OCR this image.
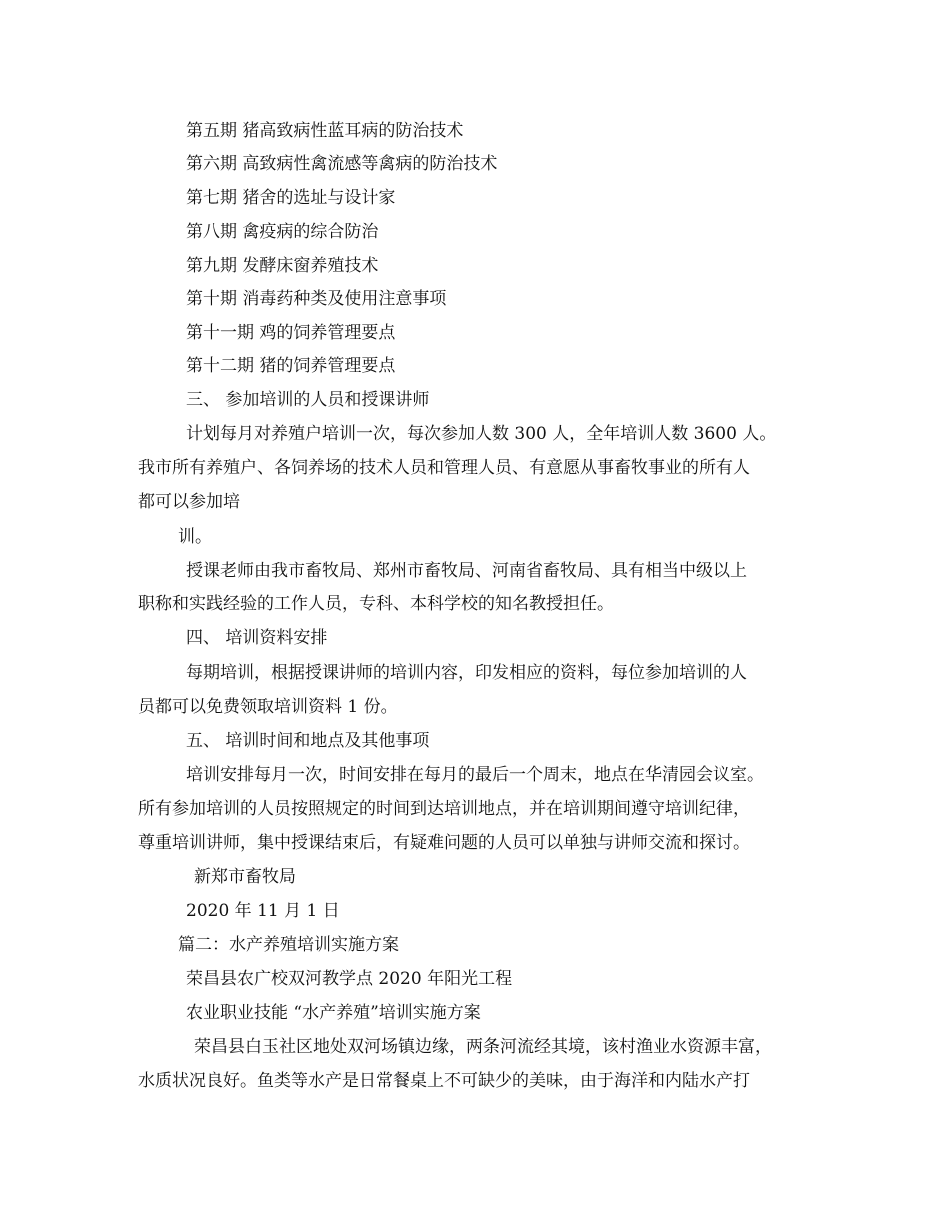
第五期 猪高致病性蓝耳病的防治技术
第六期 高致病性禽流感等禽病的防治技术
第七期 猪舍的选址与设计家
第八期 禽疫病的综合防治
第九期 发酵床窗养殖技术
第十期 消毒药种类及使用注意事项
第十一期 鸡的饲养管理要点
第十二期 猪的饲养管理要点
三、 参加培训的人员和授课讲师
计划每月对养殖户培训一次，每次参加人数 300 人，全年培训人数 3600 人。
我市所有养殖户、各饲养场的技术人员和管理人员、有意愿从事畜牧事业的所有人
都可以参加培
训。
授课老师由我市畜牧局、郑州市畜牧局、河南省畜牧局、具有相当中级以上
职称和实践经验的工作人员，专科、本科学校的知名教授担任。
四、 培训资料安排
每期培训，根据授课讲师的培训内容，印发相应的资料，每位参加培训的人
员都可以免费领取培训资料 1 份。
五、 培训时间和地点及其他事项
培训安排每月一次，时间安排在每月的最后一个周末，地点在华清园会议室。
所有参加培训的人员按照规定的时间到达培训地点，并在培训期间遵守培训纪律，
尊重培训讲师，集中授课结束后，有疑难问题的人员可以单独与讲师交流和探讨。
新郑市畜牧局
2020 年 11 月 1 日
篇二：水产养殖培训实施方案
荣昌县农广校双河教学点 2020 年阳光工程
农业职业技能 “水产养殖”培训实施方案
荣昌县白玉社区地处双河场镇边缘，两条河流经其境，该村渔业水资源丰富，
水质状况良好。鱼类等水产是日常餐桌上不可缺少的美味，由于海洋和内陆水产打
